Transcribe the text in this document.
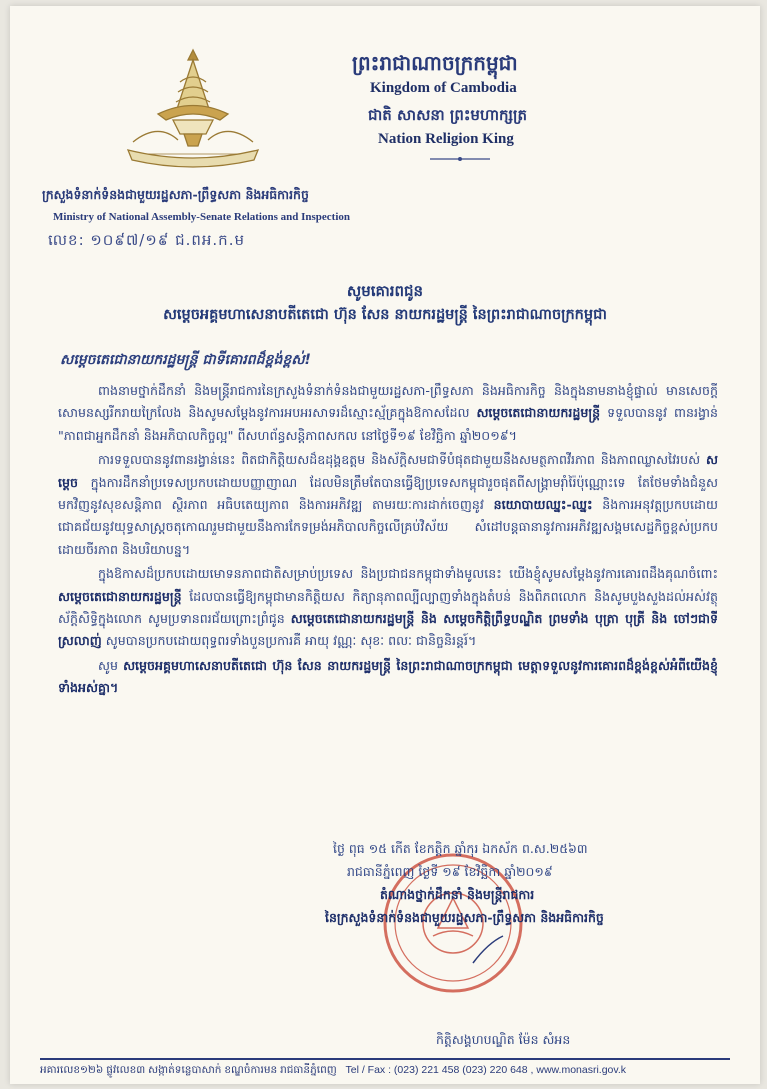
ព្រះរាជាណាចក្រកម្ពុជា
Kingdom of Cambodia
ជាតិ សាសនា ព្រះមហាក្សត្រ
Nation Religion King
ក្រសួងទំនាក់ទំនងជាមួយរដ្ឋសភា-ព្រឹទ្ធសភា និងអធិការកិច្ច
Ministry of National Assembly-Senate Relations and Inspection
លេខ: ១០៩៧/១៩ ជ.ពអ.ក.ម
សូមគោរពជូន
សម្តេចអគ្គមហាសេនាបតីតេជោ ហ៊ុន សែន នាយករដ្ឋមន្ត្រី នៃព្រះរាជាណាចក្រកម្ពុជា
សម្តេចតេជោនាយករដ្ឋមន្ត្រី ជាទីគោរពដ៏ខ្ពង់ខ្ពស់!

ពាងនាមថ្នាក់ដឹកនាំ និងមន្ត្រីរាជការនៃក្រសួងទំនាក់ទំនងជាមួយរដ្ឋសភា-ព្រឹទ្ធសភា និងអធិការកិច្ច និងក្នុងនាមនាងខ្ញុំផ្ទាល់ មានសេចក្តីសោមនស្សរីករាយក្រៃលែង និងសូមសម្តែងនូវការអបអរសាទរដ៏ស្មោះស្ម័គ្រក្នុងឱកាសដែល សម្តេចតេជោនាយករដ្ឋមន្ត្រី ទទួលបាននូវ ពានរង្វាន់ "ភាពជាអ្នកដឹកនាំ និងអភិបាលកិច្ចល្អ" ពីសហព័ន្ធសន្តិភាពសកល នៅថ្ងៃទី១៩ ខែវិច្ឆិកា ឆ្នាំ២០១៩។

ការទទួលបាននូវពានរង្វាន់នេះ ពិតជាកិត្តិយសដ៏ឧដុង្គឧត្តម និងស័ក្តិសមជាទីបំផុតជាមួយនឹងសមត្ថភាពវីរភាព និងភាពឈ្លាសវៃរបស់ សម្តេច ក្នុងការដឹកនាំប្រទេសប្រកបដោយបញ្ញាញាណ ដែលមិនត្រឹមតែបានធ្វើឱ្យប្រទេសកម្ពុជារួចផុតពីសង្គ្រាមរ៉ាំរ៉ៃប៉ុណ្ណោះទេ តែថែមទាំងជំនួសមកវិញនូវសុខសន្តិភាព ស្ថិរភាព អធិបតេយ្យភាព និងការអភិវឌ្ឍ តាមរយៈការដាក់ចេញនូវ នយោបាយឈ្នះ-ឈ្នះ និងការអនុវត្តប្រកបដោយជោគជ័យនូវយុទ្ធសាស្ត្រចតុកោណរួមជាមួយនឹងការកែទម្រង់អភិបាលកិច្ចលើគ្រប់វិស័យ សំដៅបន្តធានានូវការអភិវឌ្ឍសង្គមសេដ្ឋកិច្ចខ្ពស់ប្រកបដោយចីរភាព និងបរិយាបន្ន។

ក្នុងឱកាសដ៏ប្រកបដោយមោទនភាពជាតិសម្រាប់ប្រទេស និងប្រជាជនកម្ពុជាទាំងមូលនេះ យើងខ្ញុំសូមសម្តែងនូវការគោរពដឹងគុណចំពោះ សម្តេចតេជោនាយករដ្ឋមន្ត្រី ដែលបានធ្វើឱ្យកម្ពុជាមានកិត្តិយស កិត្យានុភាពល្បីល្បាញទាំងក្នុងតំបន់ និងពិភពលោក និងសូមបួងសួងដល់អស់វត្ថុស័ក្តិសិទ្ធិក្នុងលោក សូមប្រទានពរជ័យព្រោះព្រំជូន សម្តេចតេជោនាយករដ្ឋមន្ត្រី និង សម្តេចកិត្តិព្រឹទ្ធបណ្ឌិត ព្រមទាំង បុត្រា បុត្រី និង ចៅៗជាទីស្រលាញ់ សូមបានប្រកបដោយពុទ្ធពរទាំងបួនប្រការគឺ អាយុ វណ្ណៈ សុខៈ ពលៈ ជានិច្ចនិរន្តរ៍។

សូម សម្តេចអគ្គមហាសេនាបតីតេជោ ហ៊ុន សែន នាយករដ្ឋមន្ត្រី នៃព្រះរាជាណាចក្រកម្ពុជា មេត្តាទទួលនូវការគោរពដ៏ខ្ពង់ខ្ពស់អំពីយើងខ្ញុំទាំងអស់គ្នា។

ថ្ងៃ ពុធ ១៥ កើត ខែកត្តិក ឆ្នាំកុរ ឯកស័ក ព.ស.២៥៦៣
រាជធានីភ្នំពេញ ថ្ងៃទី ១៩ ខែវិច្ឆិកា ឆ្នាំ២០១៩
តំណាងថ្នាក់ដឹកនាំ និងមន្ត្រីរាជការ
នៃក្រសួងទំនាក់ទំនងជាមួយរដ្ឋសភា-ព្រឹទ្ធសភា និងអធិការកិច្ច
កិត្តិសង្គហបណ្ឌិត ម៉ែន សំអន
អគារលេខ១២៦ ផ្លូវលេខ៣ សង្កាត់ទន្លេបាសាក់ ខណ្ឌចំការមន រាជធានីភ្នំពេញ Tel / Fax : (023) 221 458 (023) 220 648 , www.monasri.gov.k
